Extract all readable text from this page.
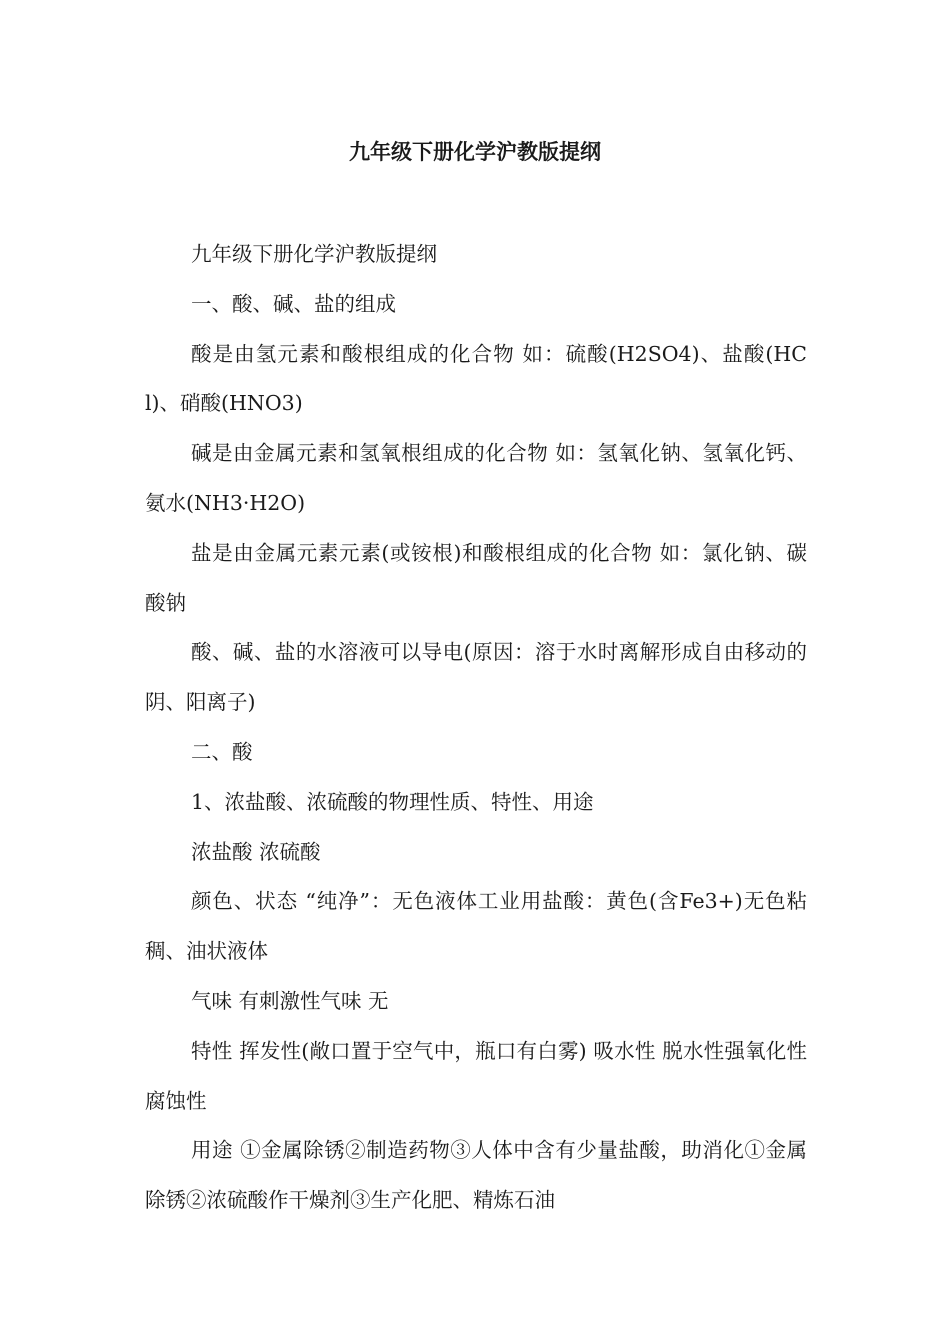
九年级下册化学沪教版提纲

九年级下册化学沪教版提纲

一、酸、碱、盐的组成

酸是由氢元素和酸根组成的化合物 如：硫酸(H2SO4)、盐酸(HCl)、硝酸(HNO3)

碱是由金属元素和氢氧根组成的化合物 如：氢氧化钠、氢氧化钙、氨水(NH3·H2O)

盐是由金属元素元素(或铵根)和酸根组成的化合物 如：氯化钠、碳酸钠

酸、碱、盐的水溶液可以导电(原因：溶于水时离解形成自由移动的阴、阳离子)

二、酸

1、浓盐酸、浓硫酸的物理性质、特性、用途

浓盐酸 浓硫酸

颜色、状态 “纯净”：无色液体工业用盐酸：黄色(含Fe3+)无色粘稠、油状液体

气味 有刺激性气味 无

特性 挥发性(敞口置于空气中，瓶口有白雾) 吸水性 脱水性强氧化性 腐蚀性

用途 ①金属除锈②制造药物③人体中含有少量盐酸，助消化①金属除锈②浓硫酸作干燥剂③生产化肥、精炼石油
